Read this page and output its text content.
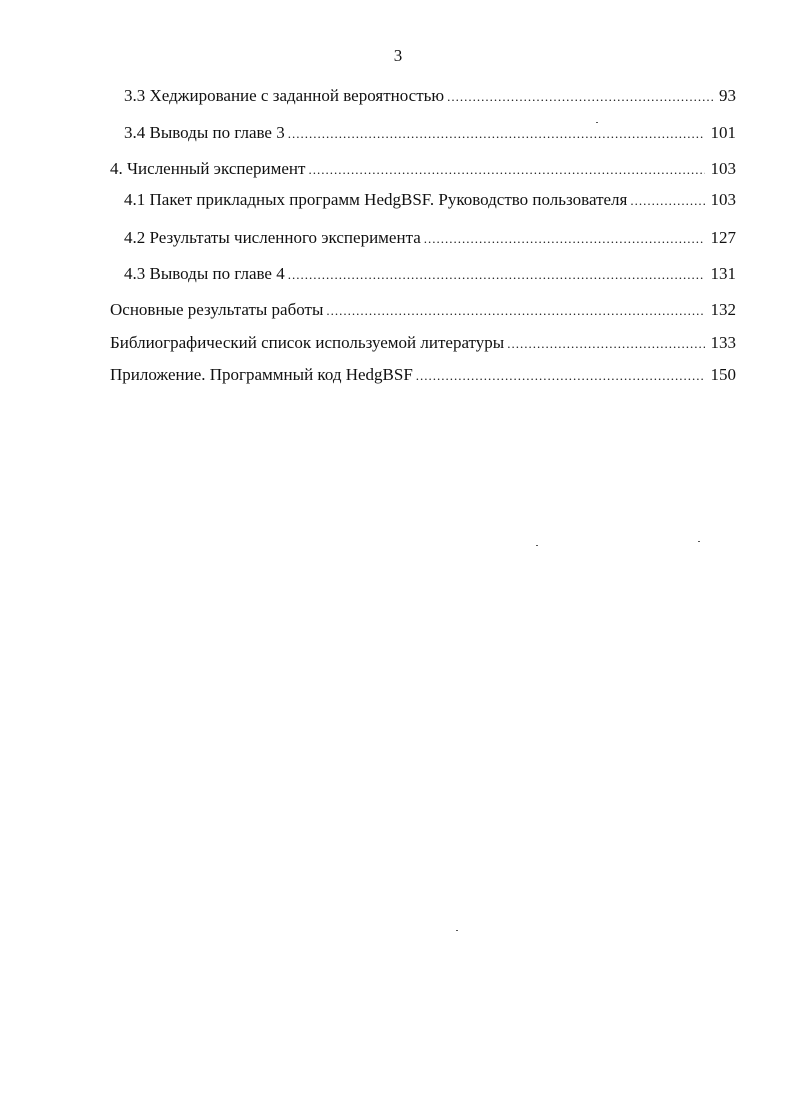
3
3.3 Хеджирование с заданной вероятностью .....	93
3.4 Выводы по главе 3 .....	101
4. Численный эксперимент .....	103
4.1 Пакет прикладных программ HedgBSF. Руководство пользователя .....	103
4.2 Результаты численного эксперимента .....	127
4.3 Выводы по главе 4 .....	131
Основные результаты работы .....	132
Библиографический список используемой литературы .....	133
Приложение. Программный код HedgBSF .....	150
